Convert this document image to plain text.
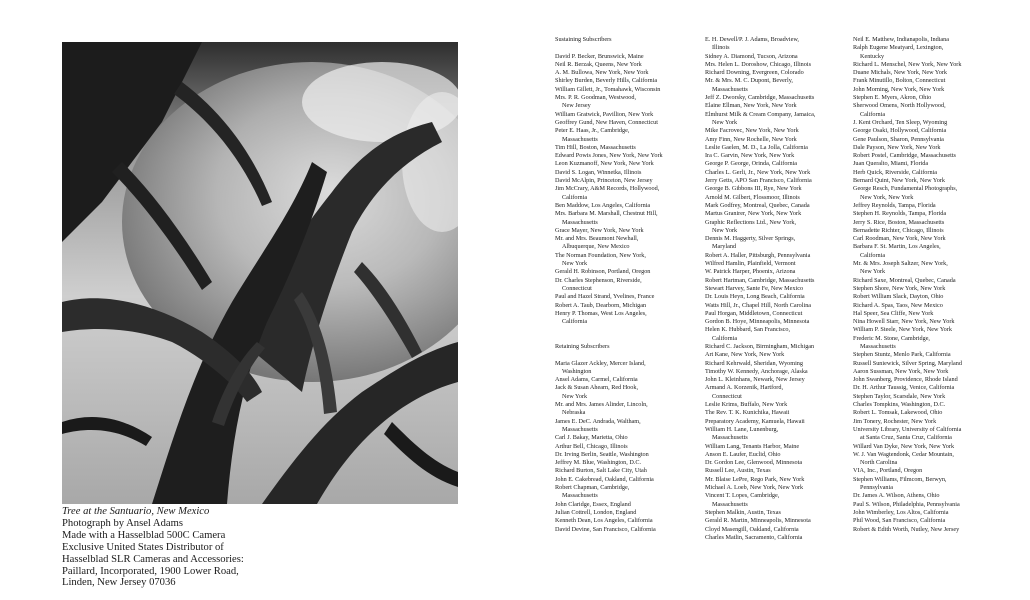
Tree at the Santuario, New Mexico
Photograph by Ansel Adams
Made with a Hasselblad 500C Camera
Exclusive United States Distributor of
Hasselblad SLR Cameras and Accessories:
Paillard, Incorporated, 1900 Lower Road,
Linden, New Jersey 07036
Sustaining Subscribers
David P. Becker, Brunswick, Maine
Neil R. Berzak, Queens, New York
A. M. Bullowa, New York, New York
Shirley Burden, Beverly Hills, California
William Gillett, Jr., Tomahawk, Wisconsin
Mrs. P. R. Goodman, Westwood,
New Jersey
William Gratwick, Pavillion, New York
Geoffrey Gund, New Haven, Connecticut
Peter E. Haas, Jr., Cambridge,
Massachusetts
Tim Hill, Boston, Massachusetts
Edward Powis Jones, New York, New York
Leon Kuzmanoff, New York, New York
David S. Logan, Winnetka, Illinois
David McAlpin, Princeton, New Jersey
Jim McCrary, A&M Records, Hollywood,
California
Ben Maddow, Los Angeles, California
Mrs. Barbara M. Marshall, Chestnut Hill,
Massachusetts
Grace Mayer, New York, New York
Mr. and Mrs. Beaumont Newhall,
Albuquerque, New Mexico
The Norman Foundation, New York,
New York
Gerald H. Robinson, Portland, Oregon
Dr. Charles Stephenson, Riverside,
Connecticut
Paul and Hazel Strand, Yvelines, France
Robert A. Taub, Dearborn, Michigan
Henry P. Thomas, West Los Angeles,
California
Retaining Subscribers
Maria Glazer Ackley, Mercer Island,
Washington
Ansel Adams, Carmel, California
Jack & Susan Ahearn, Red Hook,
New York
Mr. and Mrs. James Alinder, Lincoln,
Nebraska
James E. DeC. Andrada, Waltham,
Massachusetts
Carl J. Bakay, Marietta, Ohio
Arthur Bell, Chicago, Illinois
Dr. Irving Berlin, Seattle, Washington
Jeffrey M. Blue, Washington, D.C.
Richard Burton, Salt Lake City, Utah
John E. Cakebread, Oakland, California
Robert Chapman, Cambridge,
Massachusetts
John Claridge, Essex, England
Julian Cottrell, London, England
Kenneth Dean, Los Angeles, California
David Devine, San Francisco, California
E. H. Dewell/P. J. Adams, Broadview,
Illinois
Sidney A. Diamond, Tucson, Arizona
Mrs. Helen L. Doroshow, Chicago, Illinois
Richard Downing, Evergreen, Colorado
Mr. & Mrs. M. C. Dupont, Beverly,
Massachusetts
Jeff Z. Dworsky, Cambridge, Massachusetts
Elaine Ellman, New York, New York
Elmhurst Milk & Cream Company, Jamaica,
New York
Mike Facrovec, New York, New York
Amy Finn, New Rochelle, New York
Leslie Gaelen, M. D., La Jolla, California
Ira C. Garvin, New York, New York
George P. George, Orinda, California
Charles L. Gerli, Jr., New York, New York
Jerry Getts, APO San Francisco, California
George B. Gibbons III, Rye, New York
Arnold M. Gilbert, Flossmoor, Illinois
Mark Godfrey, Montreal, Quebec, Canada
Martus Granirer, New York, New York
Graphic Reflections Ltd., New York,
New York
Dennis M. Haggerty, Silver Springs,
Maryland
Robert A. Haller, Pittsburgh, Pennsylvania
Wilfred Hamlin, Plainfield, Vermont
W. Patrick Harper, Phoenix, Arizona
Robert Hartman, Cambridge, Massachusetts
Stewart Harvey, Sante Fe, New Mexico
Dr. Louis Heyn, Long Beach, California
Watts Hill, Jr., Chapel Hill, North Carolina
Paul Horgan, Middletown, Connecticut
Gordon B. Hoye, Minneapolis, Minnesota
Helen K. Hubbard, San Francisco,
California
Richard C. Jackson, Birmingham, Michigan
Art Kane, New York, New York
Richard Kehrwald, Sheridan, Wyoming
Timothy W. Kennedy, Anchorage, Alaska
John L. Kleinhans, Newark, New Jersey
Armand A. Korzenik, Hartford,
Connecticut
Leslie Krims, Buffalo, New York
The Rev. T. K. Kunichika, Hawaii
Preparatory Academy, Kamuela, Hawaii
William H. Lane, Lunenburg,
Massachusetts
William Lang, Tenants Harbor, Maine
Anson E. Laufer, Euclid, Ohio
Dr. Gordon Lee, Glenwood, Minnesota
Russell Lee, Austin, Texas
Mr. Blaise LePre, Rego Park, New York
Michael A. Loeb, New York, New York
Vincent T. Lopes, Cambridge,
Massachusetts
Stephen Malkin, Austin, Texas
Gerald R. Martin, Minneapolis, Minnesota
Cloyd Masengill, Oakland, California
Charles Matlin, Sacramento, California
Neil E. Matthew, Indianapolis, Indiana
Ralph Eugene Meatyard, Lexington,
Kentucky
Richard L. Menschel, New York, New York
Duane Michals, New York, New York
Frank Minutillo, Bolton, Connecticut
John Morning, New York, New York
Stephen E. Myers, Akron, Ohio
Sherwood Omens, North Hollywood,
California
J. Kent Orchard, Ten Sleep, Wyoming
George Osaki, Hollywood, California
Gene Paulson, Sharon, Pennsylvania
Dale Payson, New York, New York
Robert Postel, Cambridge, Massachusetts
Juan Queralto, Miami, Florida
Herb Quick, Riverside, California
Bernard Quint, New York, New York
George Resch, Fundamental Photographs,
New York, New York
Jeffrey Reynolds, Tampa, Florida
Stephen H. Reynolds, Tampa, Florida
Jerry S. Rice, Boston, Massachusetts
Bernadette Richter, Chicago, Illinois
Carl Roodman, New York, New York
Barbara F. St. Martin, Los Angeles,
California
Mr. & Mrs. Joseph Saltzer, New York,
New York
Richard Saxe, Montreal, Quebec, Canada
Stephen Shore, New York, New York
Robert William Slack, Dayton, Ohio
Richard A. Spas, Taos, New Mexico
Hal Speer, Sea Cliffe, New York
Nina Howell Starr, New York, New York
William P. Steele, New York, New York
Frederic M. Stone, Cambridge,
Massachusetts
Stephen Stuntz, Menlo Park, California
Russell Suniewick, Silver Spring, Maryland
Aaron Sussman, New York, New York
John Swanberg, Providence, Rhode Island
Dr. H. Arthur Taussig, Venice, California
Stephen Taylor, Scarsdale, New York
Charles Tompkins, Washington, D.C.
Robert L. Tomsak, Lakewood, Ohio
Jim Tonery, Rochester, New York
University Library, University of California
at Santa Cruz, Santa Cruz, California
Willard Van Dyke, New York, New York
W. J. Van Wagtendonk, Cedar Mountain,
North Carolina
VIA, Inc., Portland, Oregon
Stephen Williams, Filmcom, Berwyn,
Pennsylvania
Dr. James A. Wilson, Athens, Ohio
Paul S. Wilson, Philadelphia, Pennsylvania
John Wimberley, Los Altos, California
Phil Wood, San Francisco, California
Robert & Edith Worth, Nutley, New Jersey
